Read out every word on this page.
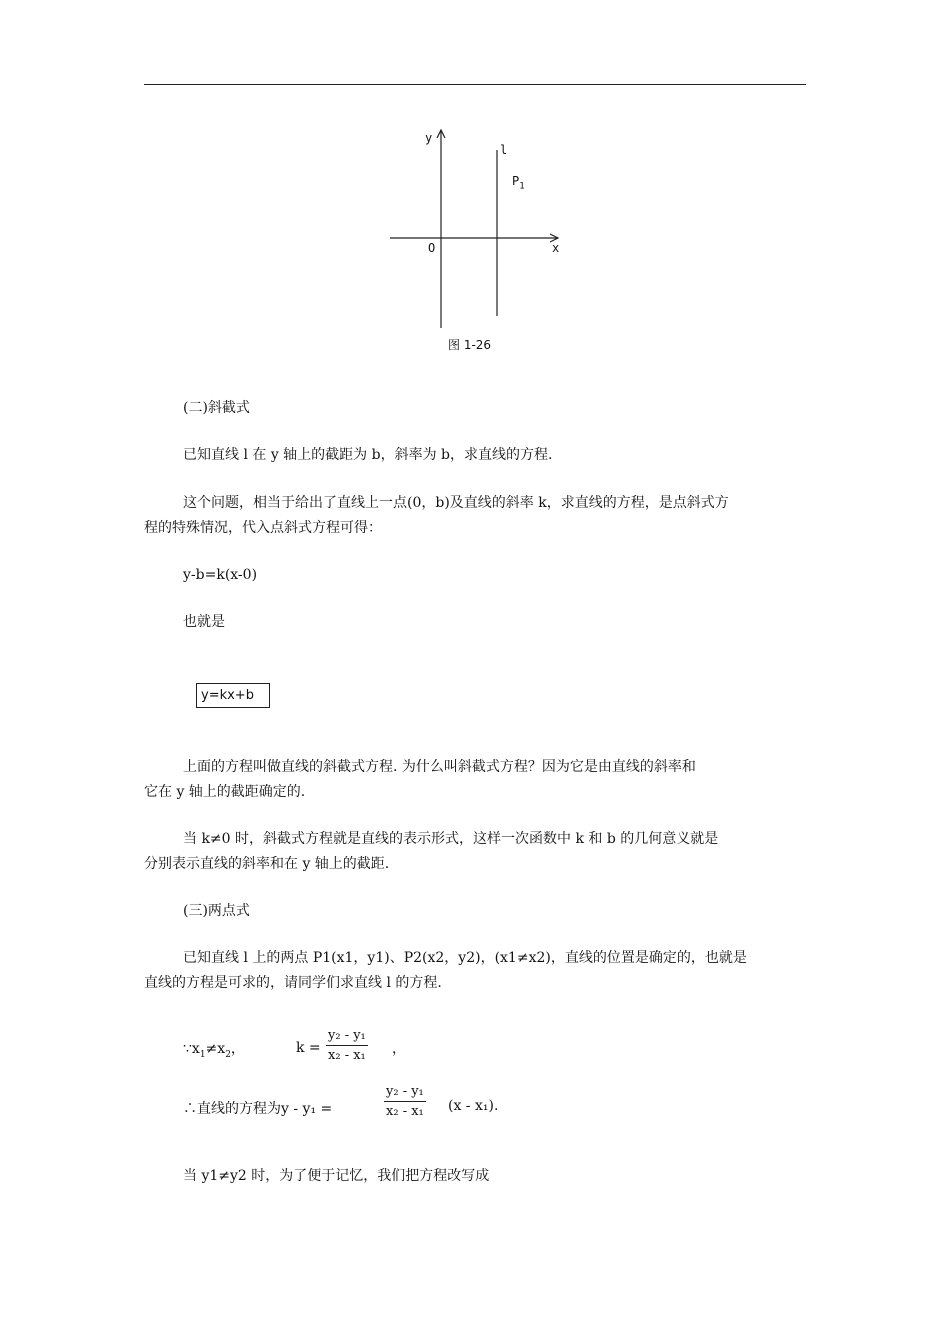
y
x
O
l
$P_1$
图 1-26

(二)斜截式

已知直线 l 在 y 轴上的截距为 b，斜率为 b，求直线的方程.

这个问题，相当于给出了直线上一点(0，b)及直线的斜率 k，求直线的方程，是点斜式方

程的特殊情况，代入点斜式方程可得：

y-b=k(x-0)

也就是

y=kx+b

上面的方程叫做直线的斜截式方程. 为什么叫斜截式方程？因为它是由直线的斜率和

它在 y 轴上的截距确定的.

当 k≠0 时，斜截式方程就是直线的表示形式，这样一次函数中 k 和 b 的几何意义就是

分别表示直线的斜率和在 y 轴上的截距.

(三)两点式

已知直线 l 上的两点 P1(x1，y1)、P2(x2，y2)，(x1≠x2)，直线的位置是确定的，也就是

直线的方程是可求的，请同学们求直线 l 的方程.

$\because x_1\ne x_2$，	$k = \frac{\text{y₂ - y₁}}{\text{x₂ - x₁}}$ ，
∴直线的方程为y - y₁ =	$\frac{\text{y₂ - y₁}}{\text{x₂ - x₁}} (x - x_1)$.

当 y1≠y2 时，为了便于记忆，我们把方程改写成
